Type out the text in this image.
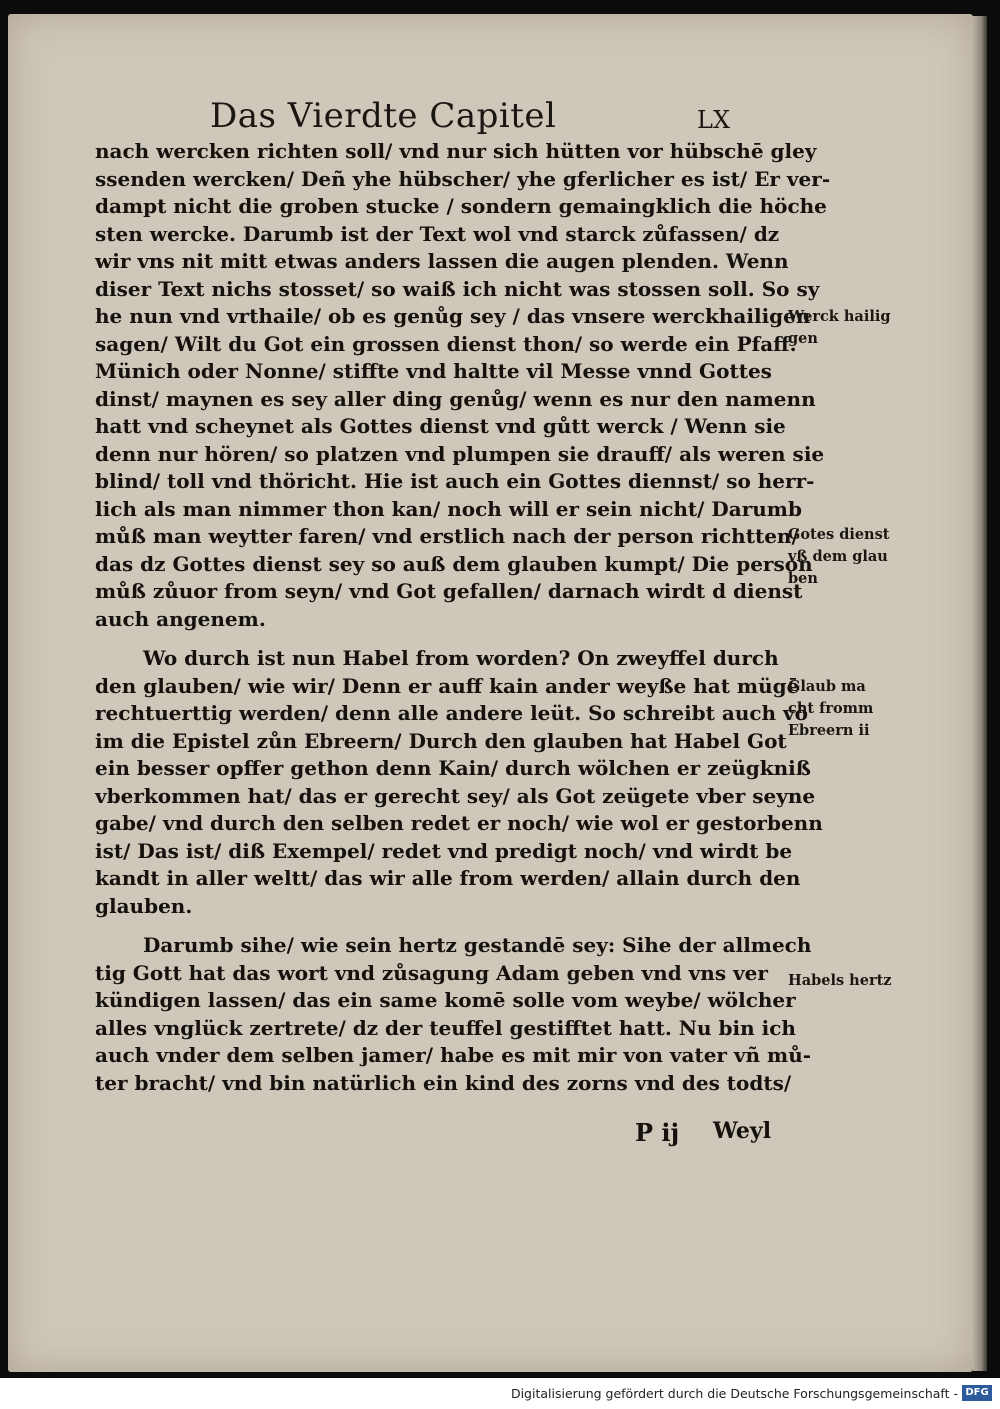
Das Vierdte Capitel	LX
nach wercken richten soll/ vnd nur sich hütten vor hübschē gley
ssenden wercken/ Deñ yhe hübscher/ yhe gferlicher es ist/ Er ver-
dampt nicht die groben stucke / sondern gemaingklich die höche
sten wercke. Darumb ist der Text wol vnd starck zůfassen/ dz
wir vns nit mitt etwas anders lassen die augen plenden. Wenn
diser Text nichs stosset/ so waiß ich nicht was stossen soll. So sy
he nun vnd vrthaile/ ob es genůg sey / das vnsere werckhailigen
sagen/ Wilt du Got ein grossen dienst thon/ so werde ein Pfaff.
Münich oder Nonne/ stiffte vnd haltte vil Messe vnnd Gottes
dinst/ maynen es sey aller ding genůg/ wenn es nur den namenn
hatt vnd scheynet als Gottes dienst vnd gůtt werck / Wenn sie
denn nur hören/ so platzen vnd plumpen sie drauff/ als weren sie
blind/ toll vnd thöricht. Hie ist auch ein Gottes diennst/ so herr-
lich als man nimmer thon kan/ noch will er sein nicht/ Darumb
můß man weytter faren/ vnd erstlich nach der person richtten/
das dz Gottes dienst sey so auß dem glauben kumpt/ Die person
můß zůuor from seyn/ vnd Got gefallen/ darnach wirdt d dienst
auch angenem.
Wo durch ist nun Habel from worden? On zweyffel durch
den glauben/ wie wir/ Denn er auff kain ander weyße hat mügē
rechtuerttig werden/ denn alle andere leüt. So schreibt auch vō
im die Epistel zůn Ebreern/ Durch den glauben hat Habel Got
ein besser opffer gethon denn Kain/ durch wölchen er zeügkniß
vberkommen hat/ das er gerecht sey/ als Got zeügete vber seyne
gabe/ vnd durch den selben redet er noch/ wie wol er gestorbenn
ist/ Das ist/ diß Exempel/ redet vnd predigt noch/ vnd wirdt be
kandt in aller weltt/ das wir alle from werden/ allain durch den
glauben.
Darumb sihe/ wie sein hertz gestandē sey: Sihe der allmech
tig Gott hat das wort vnd zůsagung Adam geben vnd vns ver
kündigen lassen/ das ein same komē solle vom weybe/ wölcher
alles vnglück zertrete/ dz der teuffel gestifftet hatt. Nu bin ich
auch vnder dem selben jamer/ habe es mit mir von vater vñ mů-
ter bracht/ vnd bin natürlich ein kind des zorns vnd des todts/
Werck hailig
gen
Gotes dienst
vß dem glau
ben
Glaub ma
cht fromm
Ebreern ii
Habels hertz
P ij Weyl
Digitalisierung gefördert durch die Deutsche Forschungsgemeinschaft - DFG
